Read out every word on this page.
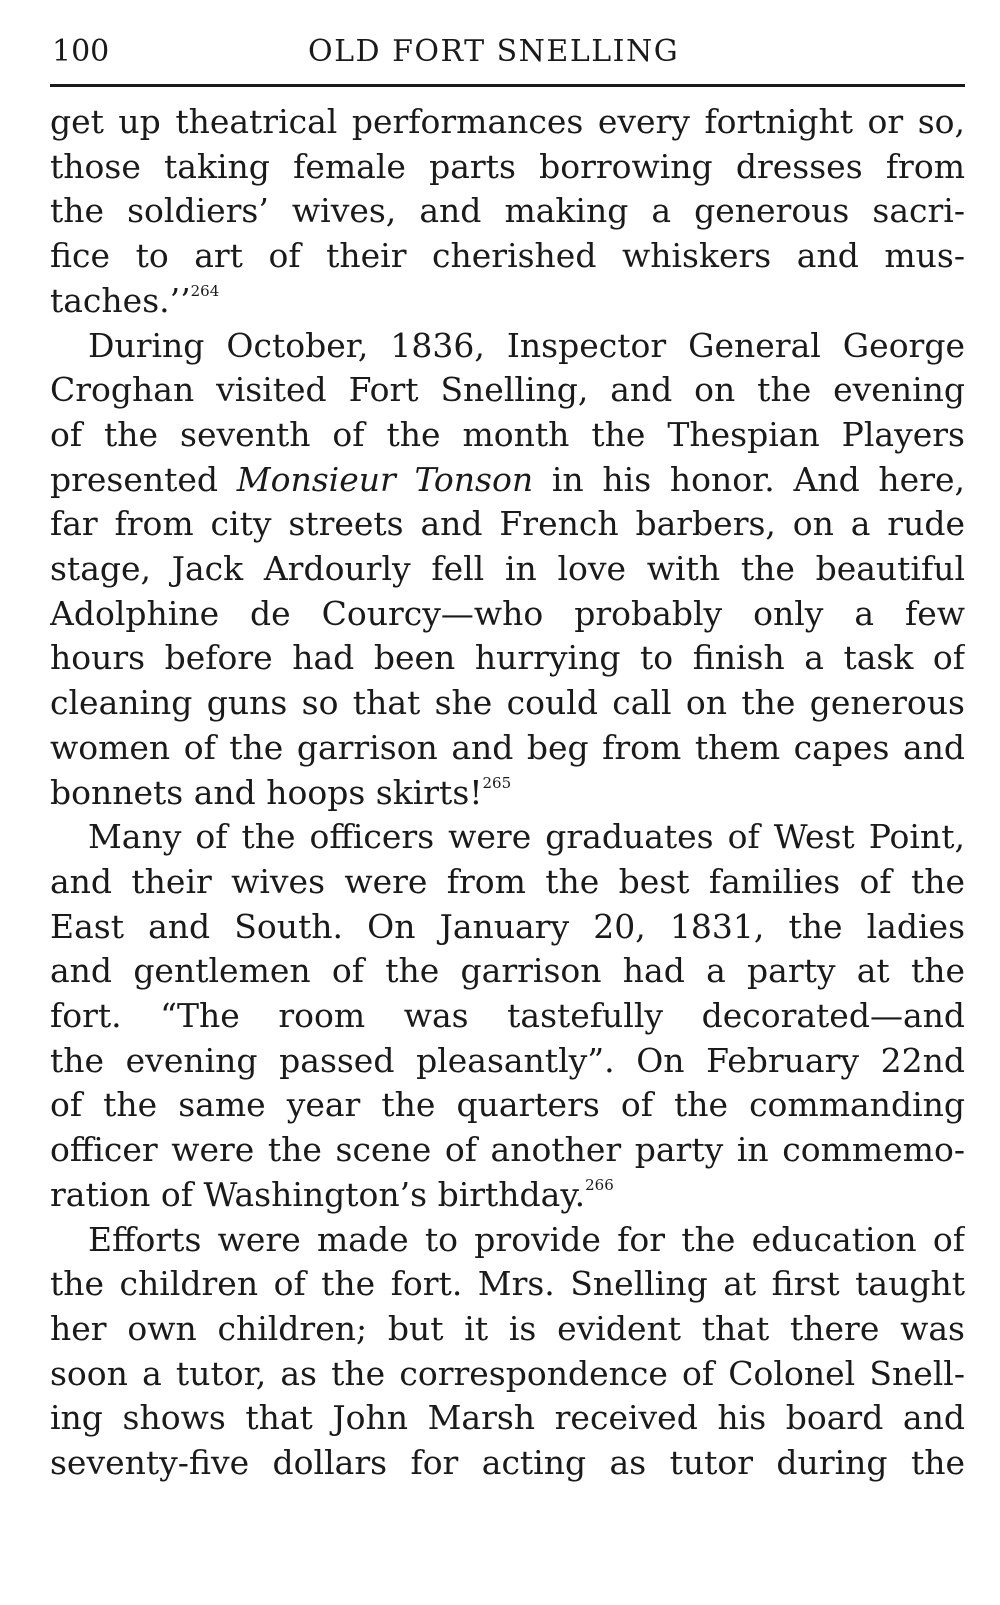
100	OLD FORT SNELLING

get up theatrical performances every fortnight or so,
those taking female parts borrowing dresses from
the soldiers’ wives, and making a generous sacri-
fice to art of their cherished whiskers and mus-
taches.’’$^{264}$

During October, 1836, Inspector General George
Croghan visited Fort Snelling, and on the evening
of the seventh of the month the Thespian Players
presented Monsieur Tonson in his honor. And here,
far from city streets and French barbers, on a rude
stage, Jack Ardourly fell in love with the beautiful
Adolphine de Courcy—who probably only a few
hours before had been hurrying to finish a task of
cleaning guns so that she could call on the generous
women of the garrison and beg from them capes and
bonnets and hoops skirts!$^{265}$

Many of the officers were graduates of West Point,
and their wives were from the best families of the
East and South. On January 20, 1831, the ladies
and gentlemen of the garrison had a party at the
fort. “The room was tastefully decorated—and
the evening passed pleasantly”. On February 22nd
of the same year the quarters of the commanding
officer were the scene of another party in commemo-
ration of Washington’s birthday.$^{266}$

Efforts were made to provide for the education of
the children of the fort. Mrs. Snelling at first taught
her own children; but it is evident that there was
soon a tutor, as the correspondence of Colonel Snell-
ing shows that John Marsh received his board and
seventy-five dollars for acting as tutor during the
